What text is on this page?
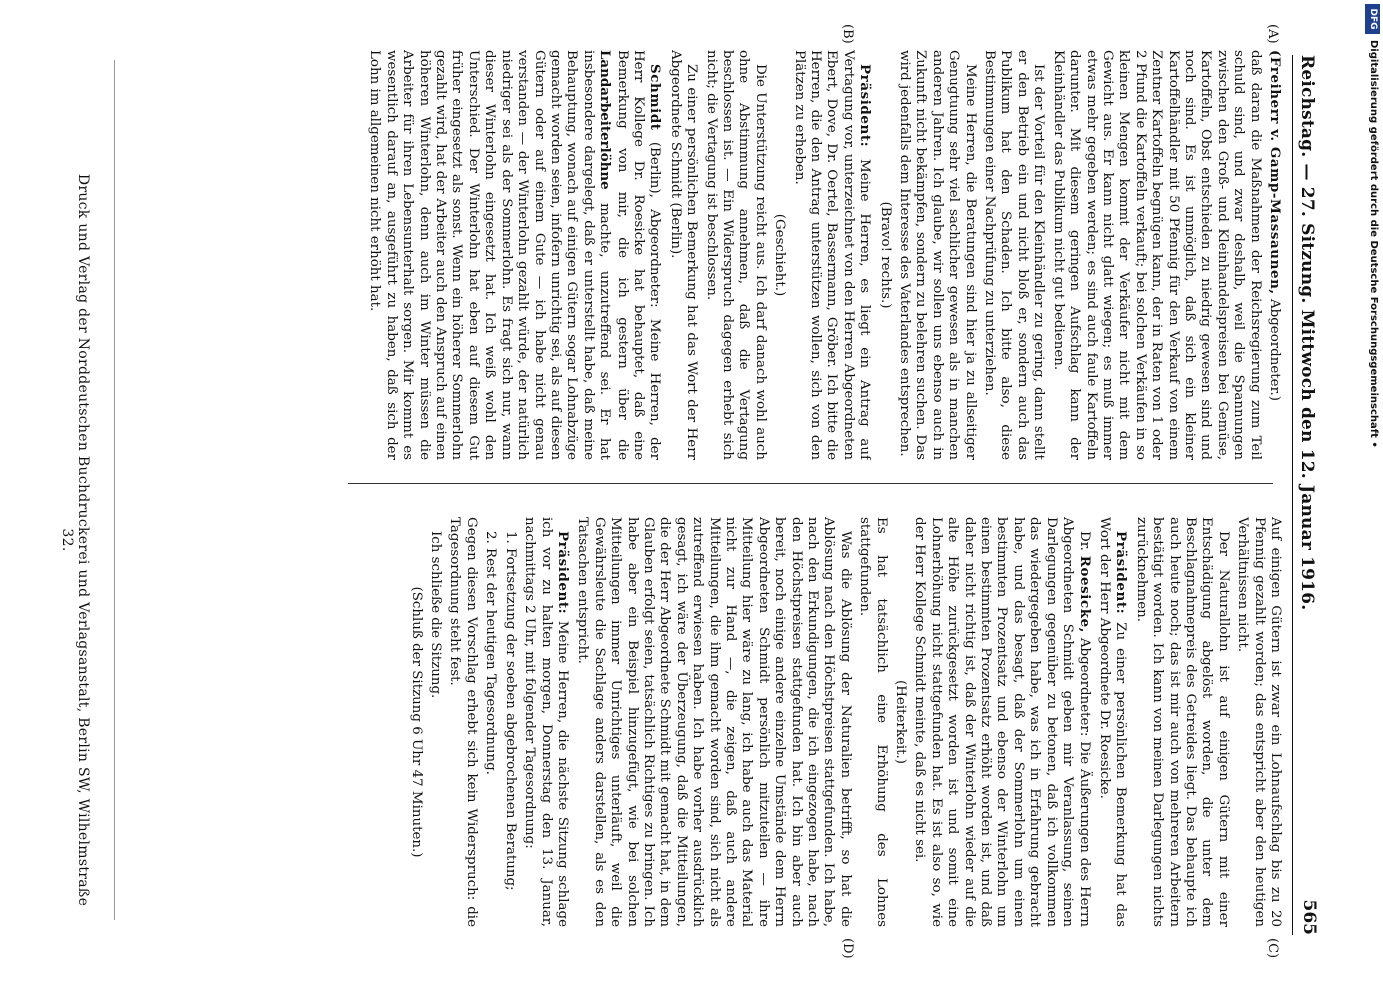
Reichstag. — 27. Sitzung. Mittwoch den 12. Januar 1916.
565
(A)
(B)
(C)
(D)

(Freiherr v. Gamp-Massaunen, Abgeordneter.)

daß daran die Maßnahmen der Reichsregierung zum Teil schuld sind, und zwar deshalb, weil die Spannungen zwischen den Groß- und Kleinhandelspreisen bei Gemüse, Kartoffeln, Obst entschieden zu niedrig gewesen sind und noch sind. Es ist unmöglich, daß sich ein kleiner Kartoffelhändler mit 50 Pfennig für den Verkauf von einem Zentner Kartoffeln begnügen kann, der in Raten von 1 oder 2 Pfund die Kartoffeln verkauft; bei solchen Verkäufen in so kleinen Mengen kommt der Verkäufer nicht mit dem Gewicht aus. Er kann nicht glatt wiegen; es muß immer etwas mehr gegeben werden; es sind auch faule Kartoffeln darunter. Mit diesem geringen Aufschlag kann der Kleinhändler das Publikum nicht gut bedienen.

Ist der Vorteil für den Kleinhändler zu gering, dann stellt er den Betrieb ein und nicht bloß er, sondern auch das Publikum hat den Schaden. Ich bitte also, diese Bestimmungen einer Nachprüfung zu unterziehen.

Meine Herren, die Beratungen sind hier ja zu allseitiger Genugtuung sehr viel sachlicher gewesen als in manchen anderen Jahren. Ich glaube, wir sollen uns ebenso auch in Zukunft nicht bekämpfen, sondern zu belehren suchen. Das wird jedenfalls dem Interesse des Vaterlandes entsprechen.

(Bravo! rechts.)

Präsident: Meine Herren, es liegt ein Antrag auf Vertagung vor, unterzeichnet von den Herren Abgeordneten Ebert, Dove, Dr. Oertel, Bassermann, Gröber. Ich bitte die Herren, die den Antrag unterstützen wollen, sich von den Plätzen zu erheben.

(Geschieht.)

Die Unterstützung reicht aus. Ich darf danach wohl auch ohne Abstimmung annehmen, daß die Vertagung beschlossen ist. — Ein Widerspruch dagegen erhebt sich nicht; die Vertagung ist beschlossen.

Zu einer persönlichen Bemerkung hat das Wort der Herr Abgeordnete Schmidt (Berlin).

Schmidt (Berlin), Abgeordneter: Meine Herren, der Herr Kollege Dr. Roesicke hat behauptet, daß eine Bemerkung von mir, die ich gestern über die Landarbeiterlöhne machte, unzutreffend sei. Er hat insbesondere dargelegt, daß er unterstellt habe, daß meine Behauptung, wonach auf einigen Gütern sogar Lohnabzüge gemacht worden seien, infofern unrichtig sei, als auf diesen Gütern oder auf einem Gute — ich habe nicht genau verstanden — der Winterlohn gezahlt würde, der natürlich niedriger sei als der Sommerlohn. Es fragt sich nur, wann dieser Winterlohn eingesetzt hat. Ich weiß wohl den Unterschied. Der Winterlohn hat eben auf diesem Gut früher eingesetzt als sonst. Wenn ein höherer Sommerlohn gezahlt wird, hat der Arbeiter auch den Anspruch auf einen höheren Winterlohn, denn auch im Winter müssen die Arbeiter für ihren Lebensunterhalt sorgen. Mir kommt es wesentlich darauf an, ausgeführt zu haben, daß sich der Lohn im allgemeinen nicht erhöht hat.

Auf einigen Gütern ist zwar ein Lohnaufschlag bis zu 20 Pfennig gezahlt worden; das entspricht aber den heutigen Verhältnissen nicht.

Der Naturallohn ist auf einigen Gütern mit einer Entschädigung abgelöst worden, die unter dem Beschlagnahmepreis des Getreides liegt. Das behaupte ich auch heute noch; das ist mir auch von mehreren Arbeitern bestätigt worden. Ich kann von meinen Darlegungen nichts zurücknehmen.

Präsident: Zu einer persönlichen Bemerkung hat das Wort der Herr Abgeordnete Dr. Roesicke.

Dr. Roesicke, Abgeordneter: Die Äußerungen des Herrn Abgeordneten Schmidt geben mir Veranlassung, seinen Darlegungen gegenüber zu betonen, daß ich vollkommen das wiedergegeben habe, was ich in Erfahrung gebracht habe, und das besagt, daß der Sommerlohn um einen bestimmten Prozentsatz und ebenso der Winterlohn um einen bestimmten Prozentsatz erhöht worden ist, und daß daher nicht richtig ist, daß der Winterlohn wieder auf die alte Höhe zurückgesetzt worden ist und somit eine Lohnerhöhung nicht stattgefunden hat. Es ist also so, wie der Herr Kollege Schmidt meinte, daß es nicht sei.

(Heiterkeit.)

Es hat tatsächlich eine Erhöhung des Lohnes stattgefunden.

Was die Ablösung der Naturalien betrifft, so hat die Ablösung nach den Höchstpreisen stattgefunden. Ich habe, nach den Erkundigungen, die ich eingezogen habe, nach den Höchstpreisen stattgefunden hat. Ich bin aber auch bereit, noch einige andere einzelne Umstände dem Herrn Abgeordneten Schmidt persönlich mitzuteilen — ihre Mitteilung hier wäre zu lang, ich habe auch das Material nicht zur Hand —, die zeigen, daß auch andere Mitteilungen, die ihm gemacht worden sind, sich nicht als zutreffend erwiesen haben. Ich habe vorher ausdrücklich gesagt, ich wäre der Überzeugung, daß die Mitteilungen, die der Herr Abgeordnete Schmidt mit gemacht hat, in dem Glauben erfolgt seien, tatsächlich Richtiges zu bringen. Ich habe aber ein Beispiel hinzugefügt, wie bei solchen Mitteilungen immer Unrichtiges unterläuft, weil die Gewährsleute die Sachlage anders darstellen, als es den Tatsachen entspricht.

Präsident: Meine Herren, die nächste Sitzung schlage ich vor zu halten morgen, Donnerstag den 13. Januar, nachmittags 2 Uhr, mit folgender Tagesordnung:

1. Fortsetzung der soeben abgebrochenen Beratung;

2. Rest der heutigen Tagesordnung.

Gegen diesen Vorschlag erhebt sich kein Widerspruch: die Tagesordnung steht fest.

Ich schließe die Sitzung.

(Schluß der Sitzung 6 Uhr 47 Minuten.)

Druck und Verlag der Norddeutschen Buchdruckerei und Verlagsanstalt, Berlin SW, Wilhelmstraße 32.
DFG
Digitalisierung gefördert durch die Deutsche Forschungsgemeinschaft •
